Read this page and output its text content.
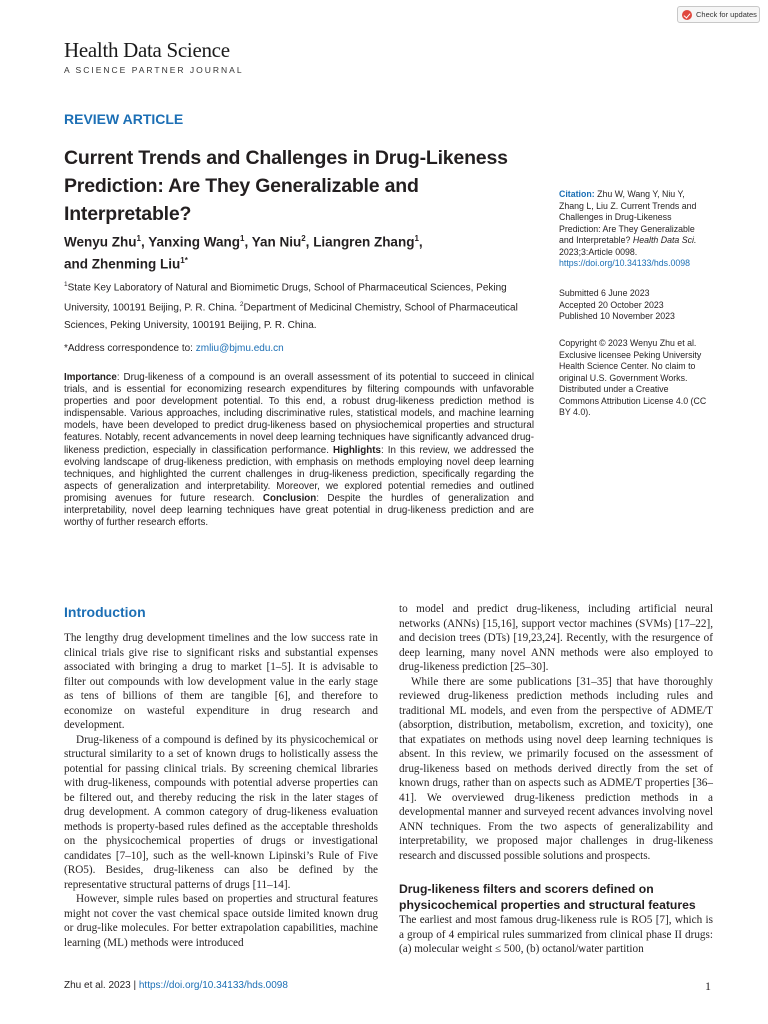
Check for updates
Health Data Science
A SCIENCE PARTNER JOURNAL
REVIEW ARTICLE
Current Trends and Challenges in Drug-Likeness Prediction: Are They Generalizable and Interpretable?
Wenyu Zhu$^1$, Yanxing Wang$^1$, Yan Niu$^2$, Liangren Zhang$^1$,
and Zhenming Liu$^{1*}$
$^1$State Key Laboratory of Natural and Biomimetic Drugs, School of Pharmaceutical Sciences, Peking University, 100191 Beijing, P. R. China. $^2$Department of Medicinal Chemistry, School of Pharmaceutical Sciences, Peking University, 100191 Beijing, P. R. China.
*Address correspondence to: zmliu@bjmu.edu.cn
Importance: Drug-likeness of a compound is an overall assessment of its potential to succeed in clinical trials, and is essential for economizing research expenditures by filtering compounds with unfavorable properties and poor development potential. To this end, a robust drug-likeness prediction method is indispensable. Various approaches, including discriminative rules, statistical models, and machine learning models, have been developed to predict drug-likeness based on physiochemical properties and structural features. Notably, recent advancements in novel deep learning techniques have significantly advanced drug-likeness prediction, especially in classification performance. Highlights: In this review, we addressed the evolving landscape of drug-likeness prediction, with emphasis on methods employing novel deep learning techniques, and highlighted the current challenges in drug-likeness prediction, specifically regarding the aspects of generalization and interpretability. Moreover, we explored potential remedies and outlined promising avenues for future research. Conclusion: Despite the hurdles of generalization and interpretability, novel deep learning techniques have great potential in drug-likeness prediction and are worthy of further research efforts.
Citation: Zhu W, Wang Y, Niu Y, Zhang L, Liu Z. Current Trends and Challenges in Drug-Likeness Prediction: Are They Generalizable and Interpretable? Health Data Sci. 2023;3:Article 0098. https://doi.org/10.34133/hds.0098
Submitted 6 June 2023
Accepted 20 October 2023
Published 10 November 2023
Copyright © 2023 Wenyu Zhu et al. Exclusive licensee Peking University Health Science Center. No claim to original U.S. Government Works. Distributed under a Creative Commons Attribution License 4.0 (CC BY 4.0).
Introduction

The lengthy drug development timelines and the low success rate in clinical trials give rise to significant risks and substantial expenses associated with bringing a drug to market [1–5]. It is advisable to filter out compounds with low development value in the early stage as tens of billions of them are tangible [6], and therefore to economize on wasteful expenditure in drug research and development.

Drug-likeness of a compound is defined by its physicochemical or structural similarity to a set of known drugs to holistically assess the potential for passing clinical trials. By screening chemical libraries with drug-likeness, compounds with potential adverse properties can be filtered out, and thereby reducing the risk in the later stages of drug development. A common category of drug-likeness evaluation methods is property-based rules defined as the acceptable thresholds on the physicochemical properties of drugs or investigational candidates [7–10], such as the well-known Lipinski’s Rule of Five (RO5). Besides, drug-likeness can also be defined by the representative structural patterns of drugs [11–14].

However, simple rules based on properties and structural features might not cover the vast chemical space outside limited known drug or drug-like molecules. For better extrapolation capabilities, machine learning (ML) methods were introduced

to model and predict drug-likeness, including artificial neural networks (ANNs) [15,16], support vector machines (SVMs) [17–22], and decision trees (DTs) [19,23,24]. Recently, with the resurgence of deep learning, many novel ANN methods were also employed to drug-likeness prediction [25–30].

While there are some publications [31–35] that have thoroughly reviewed drug-likeness prediction methods including rules and traditional ML models, and even from the perspective of ADME/T (absorption, distribution, metabolism, excretion, and toxicity), one that expatiates on methods using novel deep learning techniques is absent. In this review, we primarily focused on the assessment of drug-likeness based on methods derived directly from the set of known drugs, rather than on aspects such as ADME/T properties [36–41]. We overviewed drug-likeness prediction methods in a developmental manner and surveyed recent advances involving novel ANN techniques. From the two aspects of generalizability and interpretability, we proposed major challenges in drug-likeness research and discussed possible solutions and prospects.

Drug-likeness filters and scorers defined on physicochemical properties and structural features

The earliest and most famous drug-likeness rule is RO5 [7], which is a group of 4 empirical rules summarized from clinical phase II drugs: (a) molecular weight ≤ 500, (b) octanol/water partition

Zhu et al. 2023 | https://doi.org/10.34133/hds.0098	1
